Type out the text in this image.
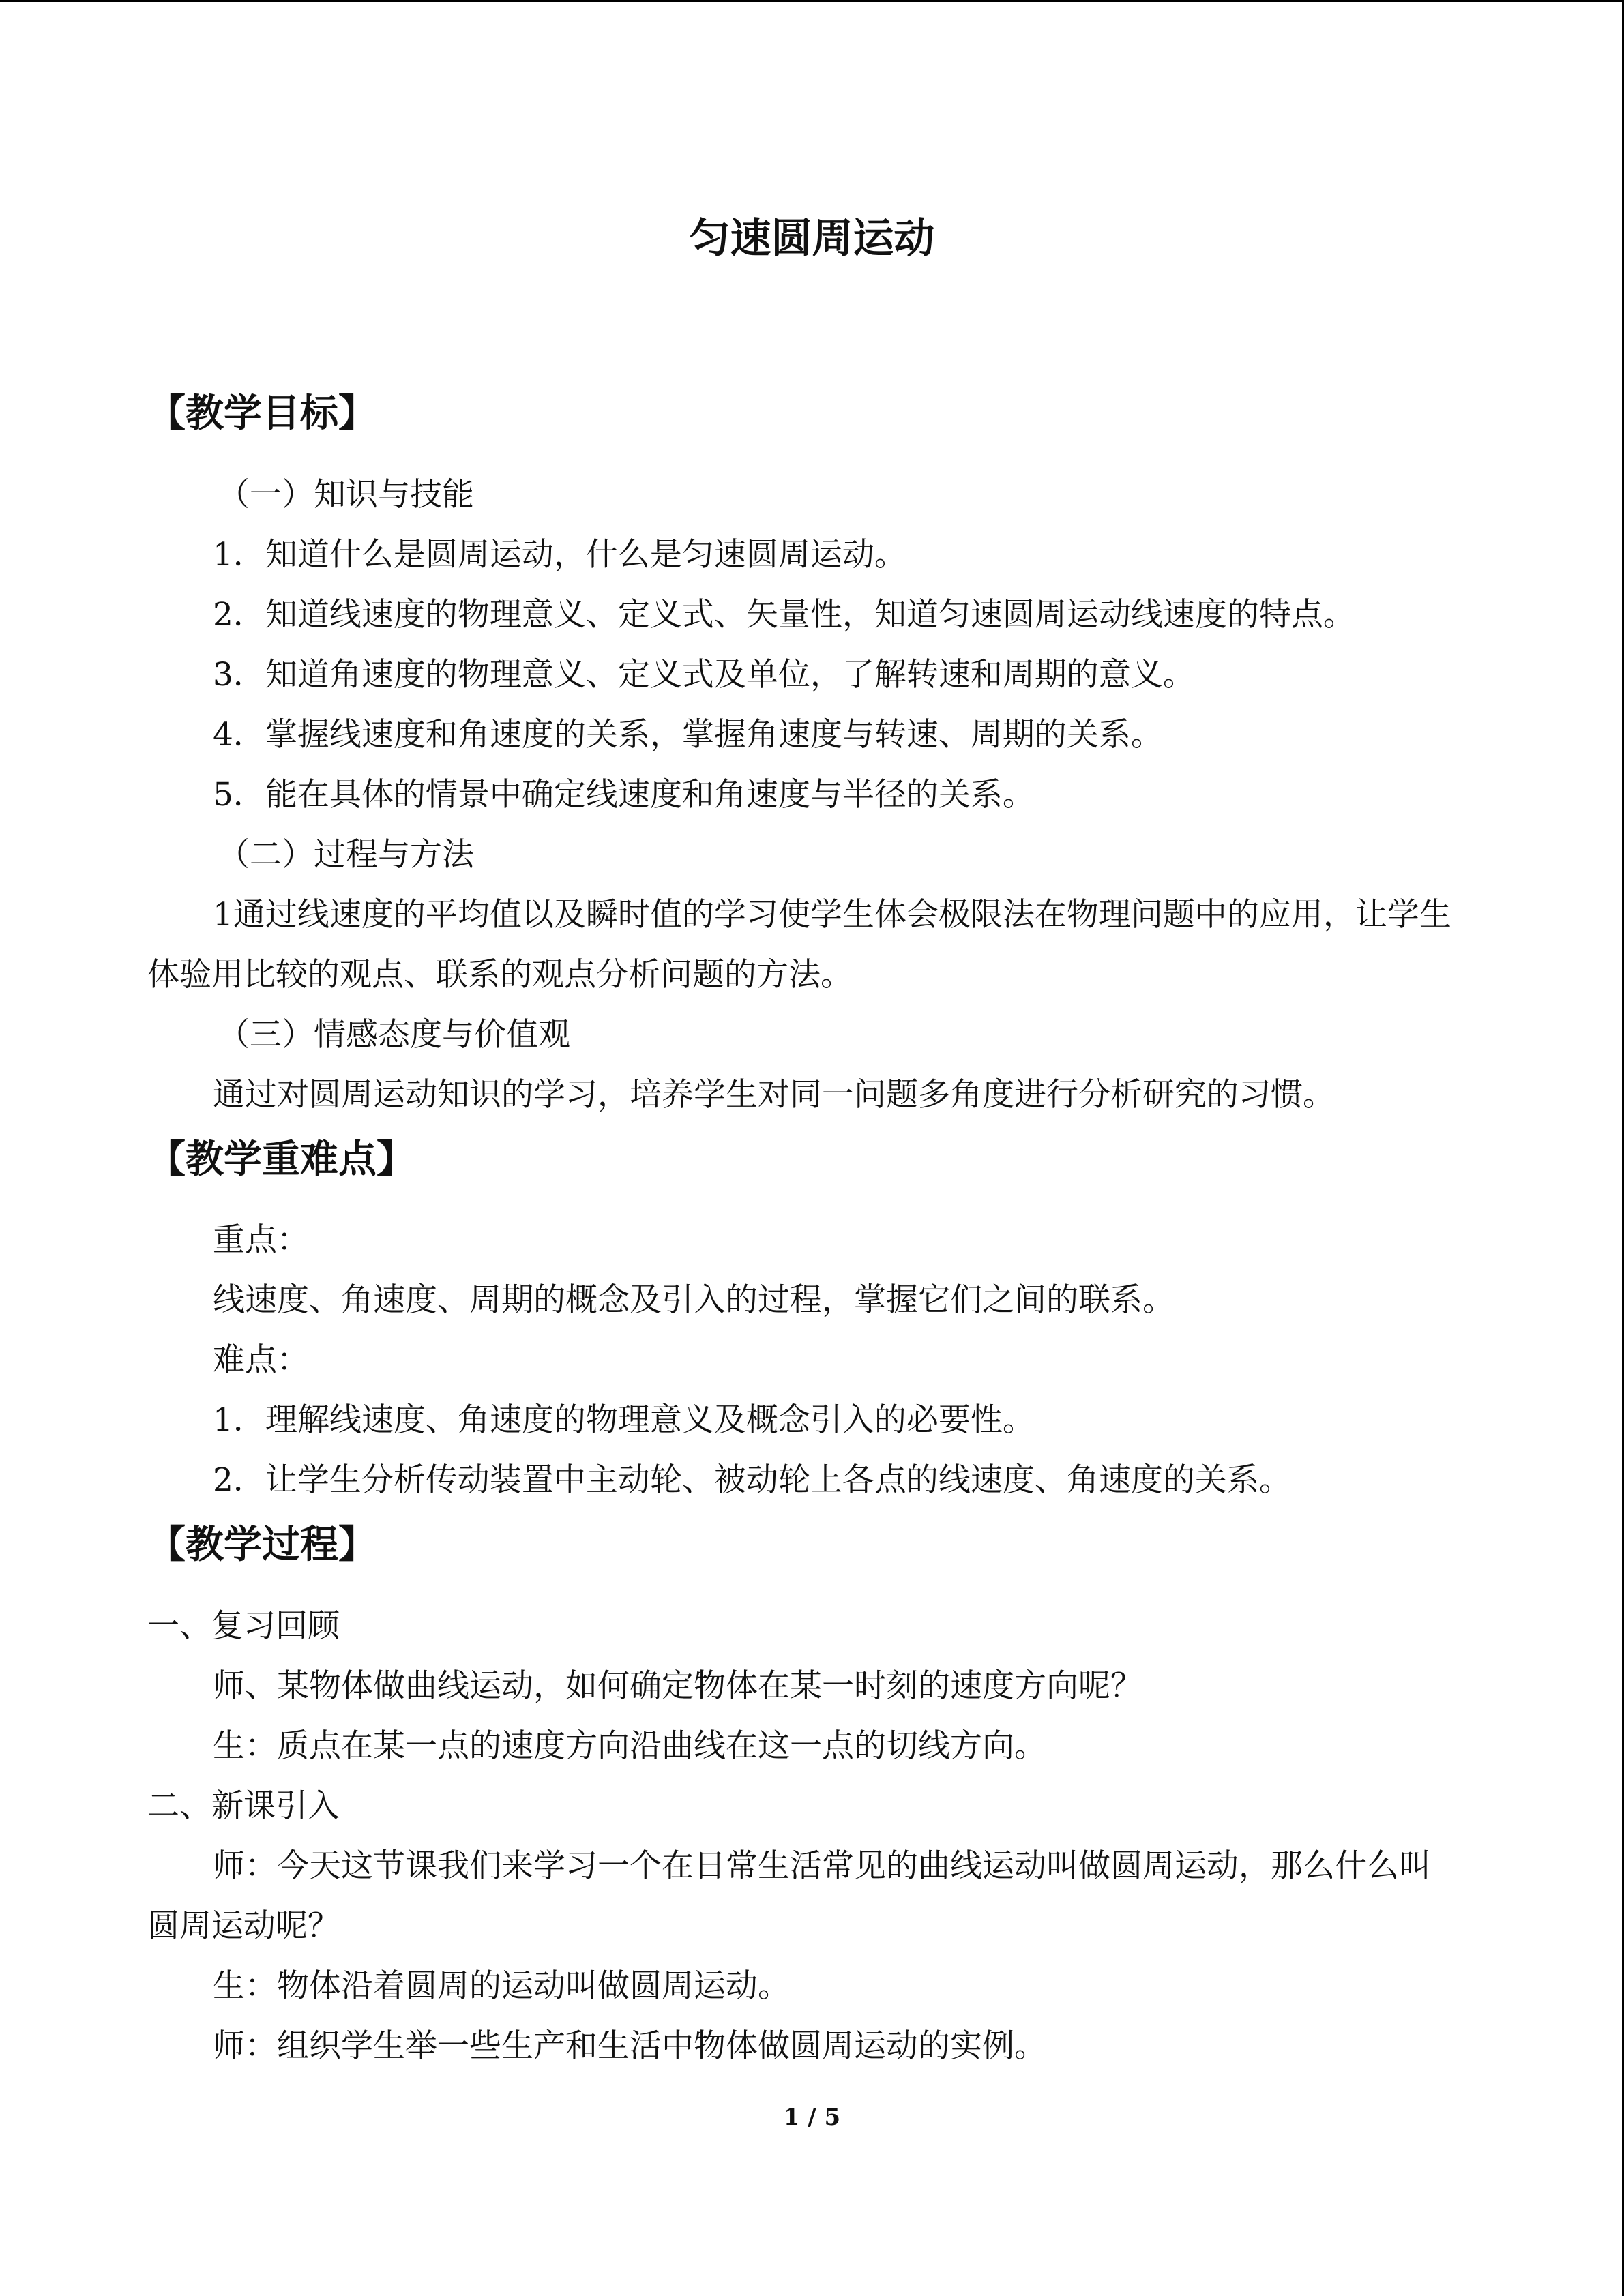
匀速圆周运动
【教学目标】
（一）知识与技能
1．知道什么是圆周运动，什么是匀速圆周运动。
2．知道线速度的物理意义、定义式、矢量性，知道匀速圆周运动线速度的特点。
3．知道角速度的物理意义、定义式及单位，了解转速和周期的意义。
4．掌握线速度和角速度的关系，掌握角速度与转速、周期的关系。
5．能在具体的情景中确定线速度和角速度与半径的关系。
（二）过程与方法
1通过线速度的平均值以及瞬时值的学习使学生体会极限法在物理问题中的应用，让学生体验用比较的观点、联系的观点分析问题的方法。
（三）情感态度与价值观
通过对圆周运动知识的学习，培养学生对同一问题多角度进行分析研究的习惯。
【教学重难点】
重点：
线速度、角速度、周期的概念及引入的过程，掌握它们之间的联系。
难点：
1．理解线速度、角速度的物理意义及概念引入的必要性。
2．让学生分析传动装置中主动轮、被动轮上各点的线速度、角速度的关系。
【教学过程】
一、复习回顾
师、某物体做曲线运动，如何确定物体在某一时刻的速度方向呢？
生：质点在某一点的速度方向沿曲线在这一点的切线方向。
二、新课引入
师：今天这节课我们来学习一个在日常生活常见的曲线运动叫做圆周运动，那么什么叫圆周运动呢？
生：物体沿着圆周的运动叫做圆周运动。
师：组织学生举一些生产和生活中物体做圆周运动的实例。
1 / 5
